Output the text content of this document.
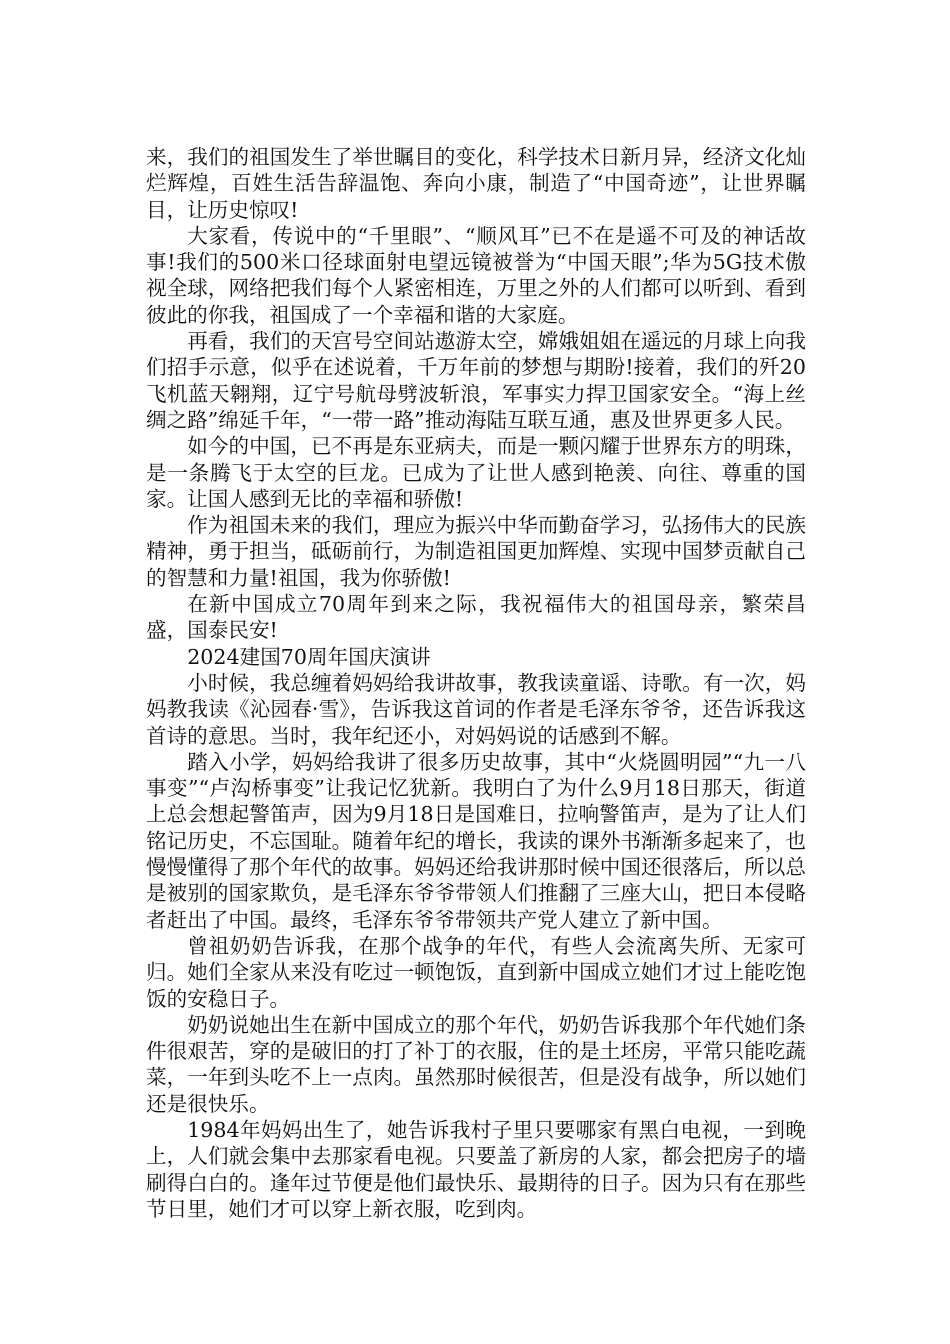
来，我们的祖国发生了举世瞩目的变化，科学技术日新月异，经济文化灿烂辉煌，百姓生活告辞温饱、奔向小康，制造了“中国奇迹”，让世界瞩目，让历史惊叹!

大家看，传说中的“千里眼”、“顺风耳”已不在是遥不可及的神话故事!我们的500米口径球面射电望远镜被誉为“中国天眼”;华为5G技术傲视全球，网络把我们每个人紧密相连，万里之外的人们都可以听到、看到彼此的你我，祖国成了一个幸福和谐的大家庭。

再看，我们的天宫号空间站遨游太空，嫦娥姐姐在遥远的月球上向我们招手示意，似乎在述说着，千万年前的梦想与期盼!接着，我们的歼20飞机蓝天翱翔，辽宁号航母劈波斩浪，军事实力捍卫国家安全。“海上丝绸之路”绵延千年，“一带一路”推动海陆互联互通，惠及世界更多人民。

如今的中国，已不再是东亚病夫，而是一颗闪耀于世界东方的明珠，是一条腾飞于太空的巨龙。已成为了让世人感到艳羡、向往、尊重的国家。让国人感到无比的幸福和骄傲!

作为祖国未来的我们，理应为振兴中华而勤奋学习，弘扬伟大的民族精神，勇于担当，砥砺前行，为制造祖国更加辉煌、实现中国梦贡献自己的智慧和力量!祖国，我为你骄傲!

在新中国成立70周年到来之际，我祝福伟大的祖国母亲，繁荣昌盛，国泰民安!

2024建国70周年国庆演讲

小时候，我总缠着妈妈给我讲故事，教我读童谣、诗歌。有一次，妈妈教我读《沁园春·雪》，告诉我这首词的作者是毛泽东爷爷，还告诉我这首诗的意思。当时，我年纪还小，对妈妈说的话感到不解。

踏入小学，妈妈给我讲了很多历史故事，其中“火烧圆明园”“九一八事变”“卢沟桥事变”让我记忆犹新。我明白了为什么9月18日那天，街道上总会想起警笛声，因为9月18日是国难日，拉响警笛声，是为了让人们铭记历史，不忘国耻。随着年纪的增长，我读的课外书渐渐多起来了，也慢慢懂得了那个年代的故事。妈妈还给我讲那时候中国还很落后，所以总是被别的国家欺负，是毛泽东爷爷带领人们推翻了三座大山，把日本侵略者赶出了中国。最终，毛泽东爷爷带领共产党人建立了新中国。

曾祖奶奶告诉我，在那个战争的年代，有些人会流离失所、无家可归。她们全家从来没有吃过一顿饱饭，直到新中国成立她们才过上能吃饱饭的安稳日子。

奶奶说她出生在新中国成立的那个年代，奶奶告诉我那个年代她们条件很艰苦，穿的是破旧的打了补丁的衣服，住的是土坯房，平常只能吃蔬菜，一年到头吃不上一点肉。虽然那时候很苦，但是没有战争，所以她们还是很快乐。

1984年妈妈出生了，她告诉我村子里只要哪家有黑白电视，一到晚上，人们就会集中去那家看电视。只要盖了新房的人家，都会把房子的墙刷得白白的。逢年过节便是他们最快乐、最期待的日子。因为只有在那些节日里，她们才可以穿上新衣服，吃到肉。
